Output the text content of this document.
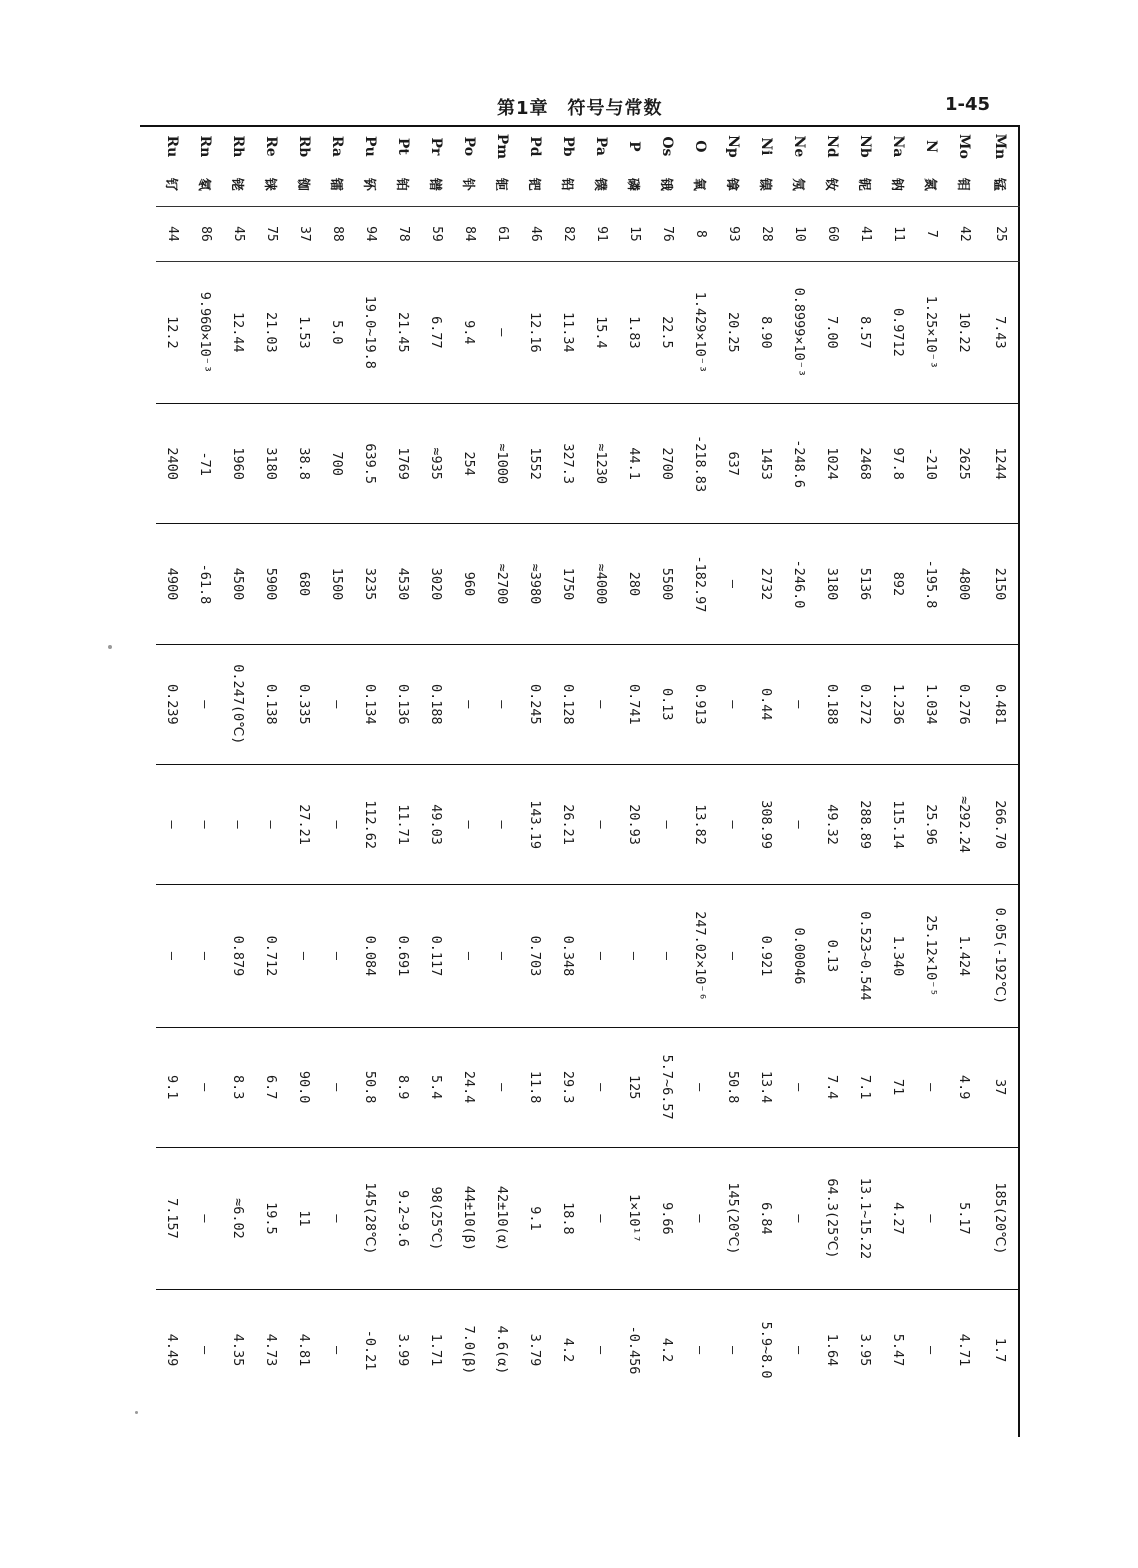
第1章　符号与常数	1-45
Mn	锰	25	7.43	1244	2150	0.481	266.70	0.05(-192℃)	37	185(20℃)	1.7
Mo	钼	42	10.22	2625	4800	0.276	≈292.24	1.424	4.9	5.17	4.71
N	氮	7	1.25×10⁻³	-210	-195.8	1.034	25.96	25.12×10⁻⁵	—	—	—
Na	钠	11	0.9712	97.8	892	1.236	115.14	1.340	71	4.27	5.47
Nb	铌	41	8.57	2468	5136	0.272	288.89	0.523~0.544	7.1	13.1~15.22	3.95
Nd	钕	60	7.00	1024	3180	0.188	49.32	0.13	7.4	64.3(25℃)	1.64
Ne	氖	10	0.8999×10⁻³	-248.6	-246.0	—	—	0.00046	—	—	—
Ni	镍	28	8.90	1453	2732	0.44	308.99	0.921	13.4	6.84	5.9~8.0
Np	镎	93	20.25	637	—	—	—	—	50.8	145(20℃)	—
O	氧	8	1.429×10⁻³	-218.83	-182.97	0.913	13.82	247.02×10⁻⁶	—	—	—
Os	锇	76	22.5	2700	5500	0.13	—	—	5.7~6.57	9.66	4.2
P	磷	15	1.83	44.1	280	0.741	20.93	—	125	1×10¹⁷	-0.456
Pa	镤	91	15.4	≈1230	≈4000	—	—	—	—	—	—
Pb	铅	82	11.34	327.3	1750	0.128	26.21	0.348	29.3	18.8	4.2
Pd	钯	46	12.16	1552	≈3980	0.245	143.19	0.703	11.8	9.1	3.79
Pm	钷	61	—	≈1000	≈2700	—	—	—	—	42±10(α)	4.6(α)
Po	钋	84	9.4	254	960	—	—	—	24.4	44±10(β)	7.0(β)
Pr	镨	59	6.77	≈935	3020	0.188	49.03	0.117	5.4	98(25℃)	1.71
Pt	铂	78	21.45	1769	4530	0.136	11.71	0.691	8.9	9.2~9.6	3.99
Pu	钚	94	19.0~19.8	639.5	3235	0.134	112.62	0.084	50.8	145(28℃)	-0.21
Ra	镭	88	5.0	700	1500	—	—	—	—	—	—
Rb	铷	37	1.53	38.8	680	0.335	27.21	—	90.0	11	4.81
Re	铼	75	21.03	3180	5900	0.138	—	0.712	6.7	19.5	4.73
Rh	铑	45	12.44	1960	4500	0.247(0℃)	—	0.879	8.3	≈6.02	4.35
Rn	氡	86	9.960×10⁻³	-71	-61.8	—	—	—	—	—	—
Ru	钌	44	12.2	2400	4900	0.239	—	—	9.1	7.157	4.49
